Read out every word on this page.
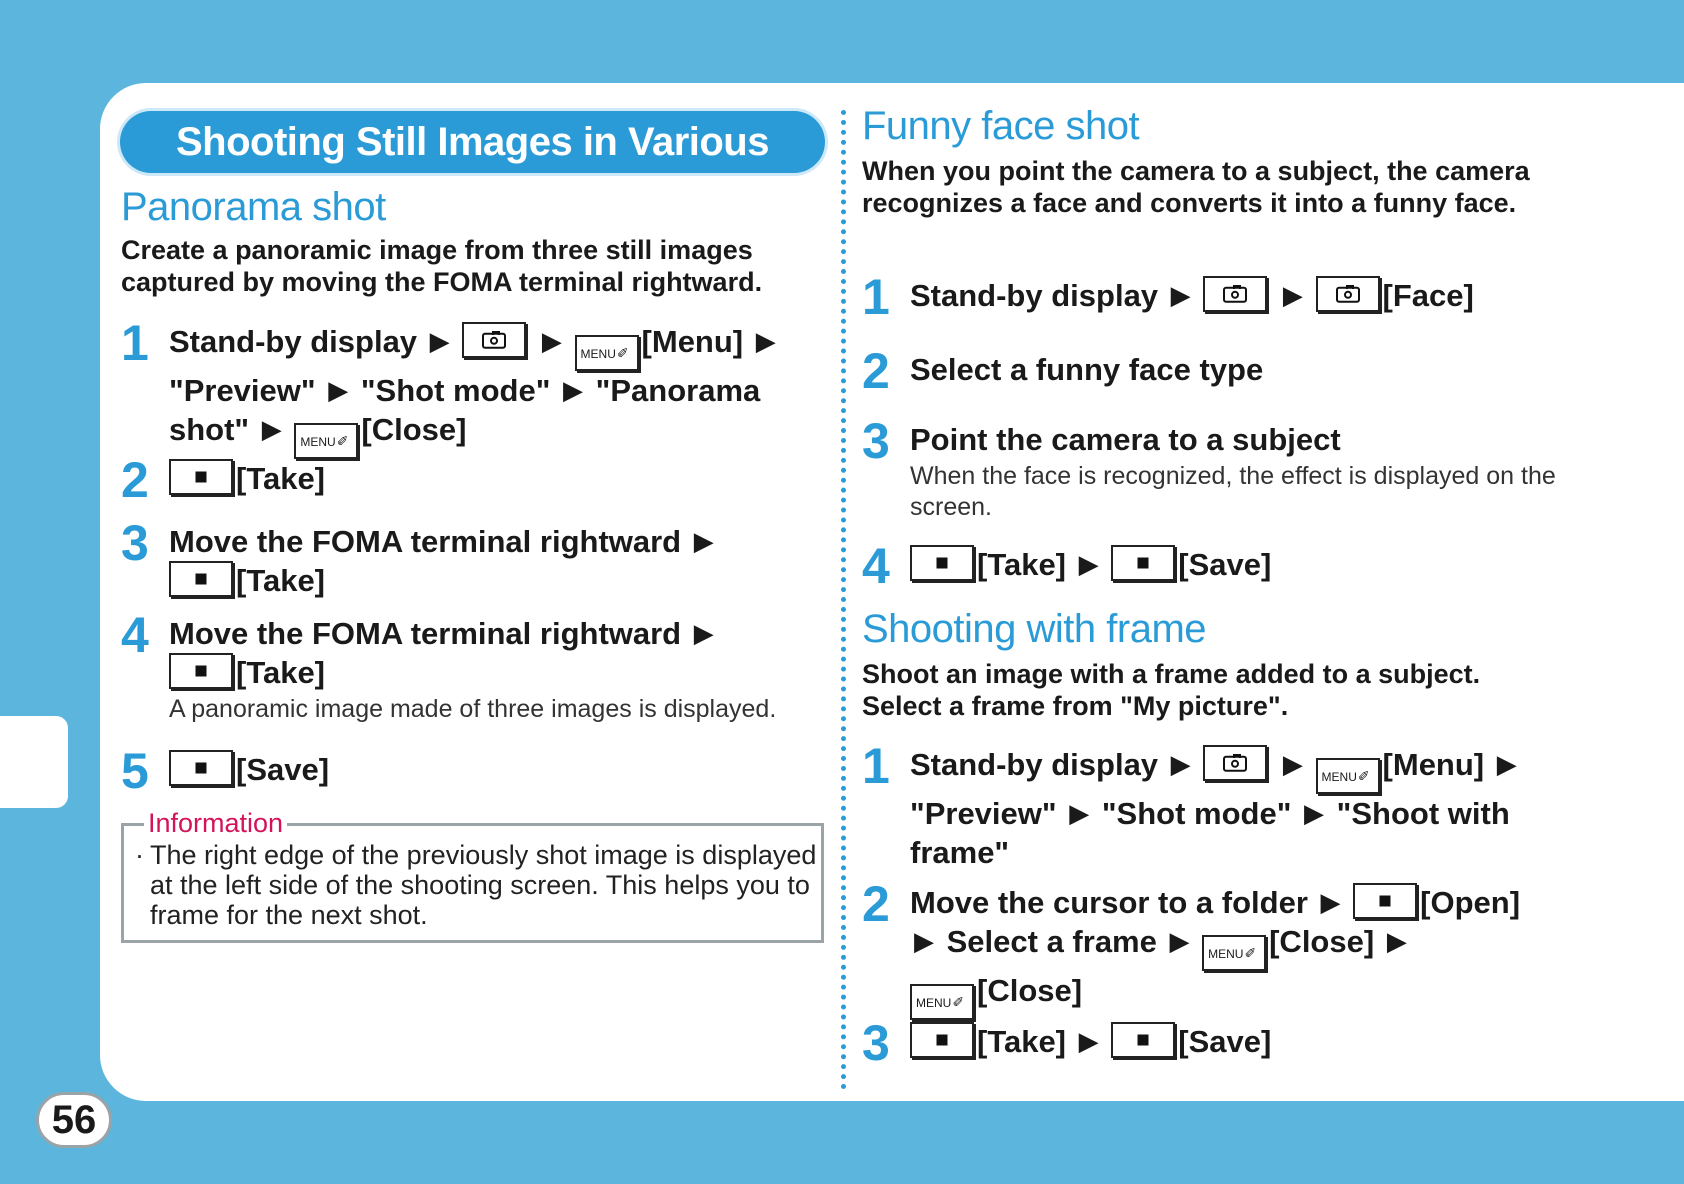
56
Shooting Still Images in Various Modes
Panorama shot
Create a panoramic image from three still images captured by moving the FOMA terminal rightward.
1 Stand-by display ▶	▶ MENU✐ [Menu] ▶
"Preview" ▶ "Shot mode" ▶ "Panorama shot" ▶ MENU✐ [Close]
2	[Take]
3 Move the FOMA terminal rightward ▶
[Take]
4 Move the FOMA terminal rightward ▶
[Take]
A panoramic image made of three images is displayed.
5	[Save]
Information
· The right edge of the previously shot image is displayed at the left side of the shooting screen. This helps you to frame for the next shot.
Funny face shot
When you point the camera to a subject, the camera recognizes a face and converts it into a funny face.
1 Stand-by display ▶	▶	[Face]
2 Select a funny face type
3 Point the camera to a subject
When the face is recognized, the effect is displayed on the screen.
4	[Take] ▶	[Save]
Shooting with frame
Shoot an image with a frame added to a subject. Select a frame from "My picture".
1 Stand-by display ▶	▶ MENU✐ [Menu] ▶
"Preview" ▶ "Shot mode" ▶ "Shoot with frame"
2 Move the cursor to a folder ▶	[Open]
▶ Select a frame ▶ MENU✐ [Close] ▶
MENU✐ [Close]
3	[Take] ▶	[Save]
